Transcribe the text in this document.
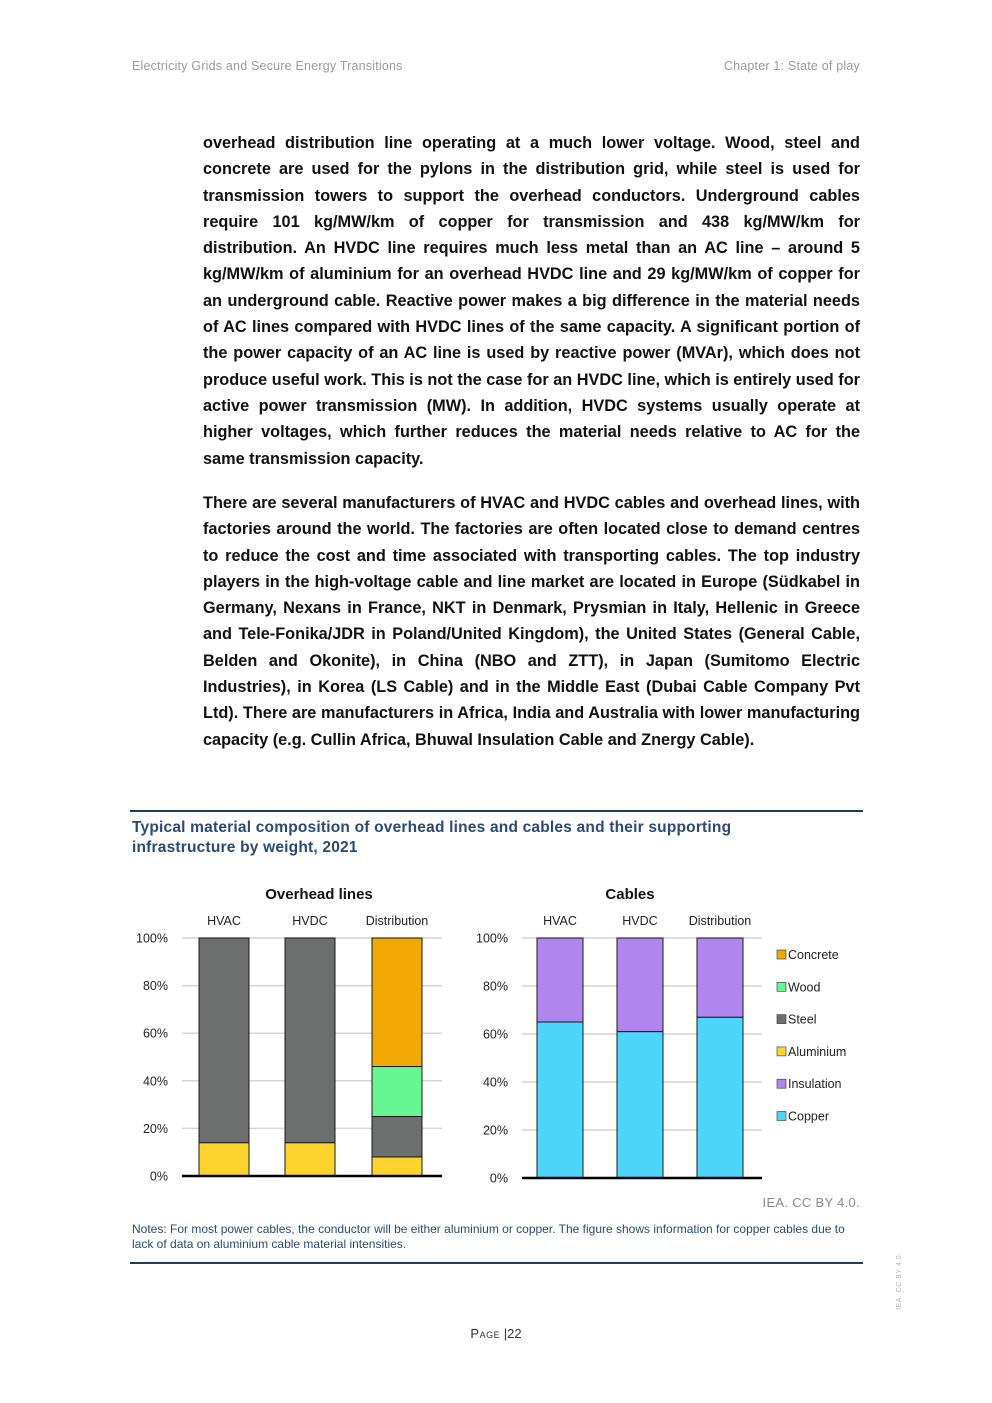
Electricity Grids and Secure Energy Transitions	Chapter 1: State of play
overhead distribution line operating at a much lower voltage. Wood, steel and concrete are used for the pylons in the distribution grid, while steel is used for transmission towers to support the overhead conductors. Underground cables require 101 kg/MW/km of copper for transmission and 438 kg/MW/km for distribution. An HVDC line requires much less metal than an AC line – around 5 kg/MW/km of aluminium for an overhead HVDC line and 29 kg/MW/km of copper for an underground cable. Reactive power makes a big difference in the material needs of AC lines compared with HVDC lines of the same capacity. A significant portion of the power capacity of an AC line is used by reactive power (MVAr), which does not produce useful work. This is not the case for an HVDC line, which is entirely used for active power transmission (MW). In addition, HVDC systems usually operate at higher voltages, which further reduces the material needs relative to AC for the same transmission capacity.
There are several manufacturers of HVAC and HVDC cables and overhead lines, with factories around the world. The factories are often located close to demand centres to reduce the cost and time associated with transporting cables. The top industry players in the high-voltage cable and line market are located in Europe (Südkabel in Germany, Nexans in France, NKT in Denmark, Prysmian in Italy, Hellenic in Greece and Tele-Fonika/JDR in Poland/United Kingdom), the United States (General Cable, Belden and Okonite), in China (NBO and ZTT), in Japan (Sumitomo Electric Industries), in Korea (LS Cable) and in the Middle East (Dubai Cable Company Pvt Ltd). There are manufacturers in Africa, India and Australia with lower manufacturing capacity (e.g. Cullin Africa, Bhuwal Insulation Cable and Znergy Cable).
Typical material composition of overhead lines and cables and their supporting infrastructure by weight, 2021
Overhead lines
HVAC	HVDC	Distribution
0%
20%
40%
60%
80%
100%
Cables
HVAC	HVDC Distribution
0%
20%
40%
60%
80%
100%
Concrete
Wood
Steel
Aluminium
Insulation
Copper
IEA. CC BY 4.0.
Notes: For most power cables, the conductor will be either aluminium or copper. The figure shows information for copper cables due to lack of data on aluminium cable material intensities.
Page |22
IEA. CC BY 4.0.
